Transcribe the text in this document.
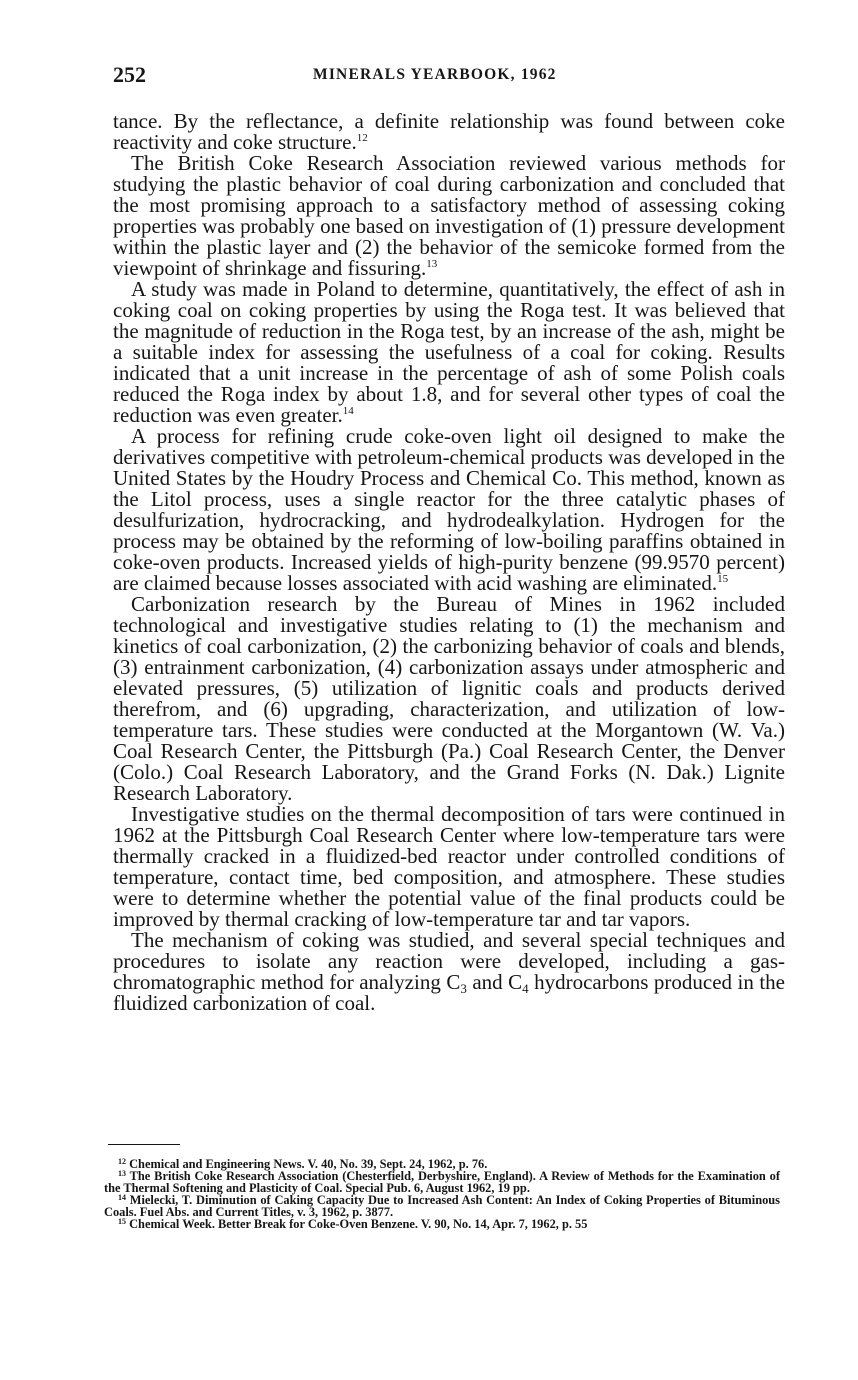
252	MINERALS YEARBOOK, 1962

tance. By the reflectance, a definite relationship was found between coke reactivity and coke structure.$^{12}$

The British Coke Research Association reviewed various methods for studying the plastic behavior of coal during carbonization and concluded that the most promising approach to a satisfactory method of assessing coking properties was probably one based on investigation of (1) pressure development within the plastic layer and (2) the behavior of the semicoke formed from the viewpoint of shrinkage and fissuring.$^{13}$

A study was made in Poland to determine, quantitatively, the effect of ash in coking coal on coking properties by using the Roga test. It was believed that the magnitude of reduction in the Roga test, by an increase of the ash, might be a suitable index for assessing the usefulness of a coal for coking. Results indicated that a unit increase in the percentage of ash of some Polish coals reduced the Roga index by about 1.8, and for several other types of coal the reduction was even greater.$^{14}$

A process for refining crude coke-oven light oil designed to make the derivatives competitive with petroleum-chemical products was developed in the United States by the Houdry Process and Chemical Co. This method, known as the Litol process, uses a single reactor for the three catalytic phases of desulfurization, hydrocracking, and hydrodealkylation. Hydrogen for the process may be obtained by the reforming of low-boiling paraffins obtained in coke-oven products. Increased yields of high-purity benzene (99.9570 percent) are claimed because losses associated with acid washing are eliminated.$^{15}$

Carbonization research by the Bureau of Mines in 1962 included technological and investigative studies relating to (1) the mechanism and kinetics of coal carbonization, (2) the carbonizing behavior of coals and blends, (3) entrainment carbonization, (4) carbonization assays under atmospheric and elevated pressures, (5) utilization of lignitic coals and products derived therefrom, and (6) upgrading, characterization, and utilization of low-temperature tars. These studies were conducted at the Morgantown (W. Va.) Coal Research Center, the Pittsburgh (Pa.) Coal Research Center, the Denver (Colo.) Coal Research Laboratory, and the Grand Forks (N. Dak.) Lignite Research Laboratory.

Investigative studies on the thermal decomposition of tars were continued in 1962 at the Pittsburgh Coal Research Center where low-temperature tars were thermally cracked in a fluidized-bed reactor under controlled conditions of temperature, contact time, bed composition, and atmosphere. These studies were to determine whether the potential value of the final products could be improved by thermal cracking of low-temperature tar and tar vapors.

The mechanism of coking was studied, and several special techniques and procedures to isolate any reaction were developed, including a gas-chromatographic method for analyzing $C_3$ and $C_4$ hydrocarbons produced in the fluidized carbonization of coal.

$^{12}$ Chemical and Engineering News. V. 40, No. 39, Sept. 24, 1962, p. 76.

$^{13}$ The British Coke Research Association (Chesterfield, Derbyshire, England). A Review of Methods for the Examination of the Thermal Softening and Plasticity of Coal. Special Pub. 6, August 1962, 19 pp.

$^{14}$ Mielecki, T. Diminution of Caking Capacity Due to Increased Ash Content: An Index of Coking Properties of Bituminous Coals. Fuel Abs. and Current Titles, v. 3, 1962, p. 3877.

$^{15}$ Chemical Week. Better Break for Coke-Oven Benzene. V. 90, No. 14, Apr. 7, 1962, p. 55
